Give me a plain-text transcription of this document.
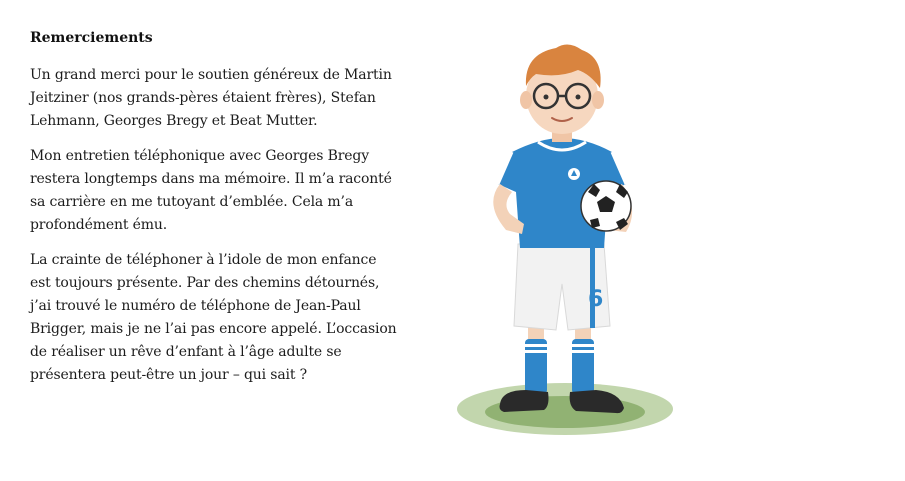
Remerciements

Un grand merci pour le soutien généreux de Martin Jeitziner (nos grands-pères étaient frères), Stefan Lehmann, Georges Bregy et Beat Mutter.

Mon entretien téléphonique avec Georges Bregy restera longtemps dans ma mémoire. Il m’a raconté sa carrière en me tutoyant d’emblée. Cela m’a profondément ému.

La crainte de téléphoner à l’idole de mon enfance est toujours présente. Par des chemins détournés, j’ai trouvé le numéro de téléphone de Jean-Paul Brigger, mais je ne l’ai pas encore appelé. L’occasion de réaliser un rêve d’enfant à l’âge adulte se présentera peut-être un jour – qui sait ?

6
